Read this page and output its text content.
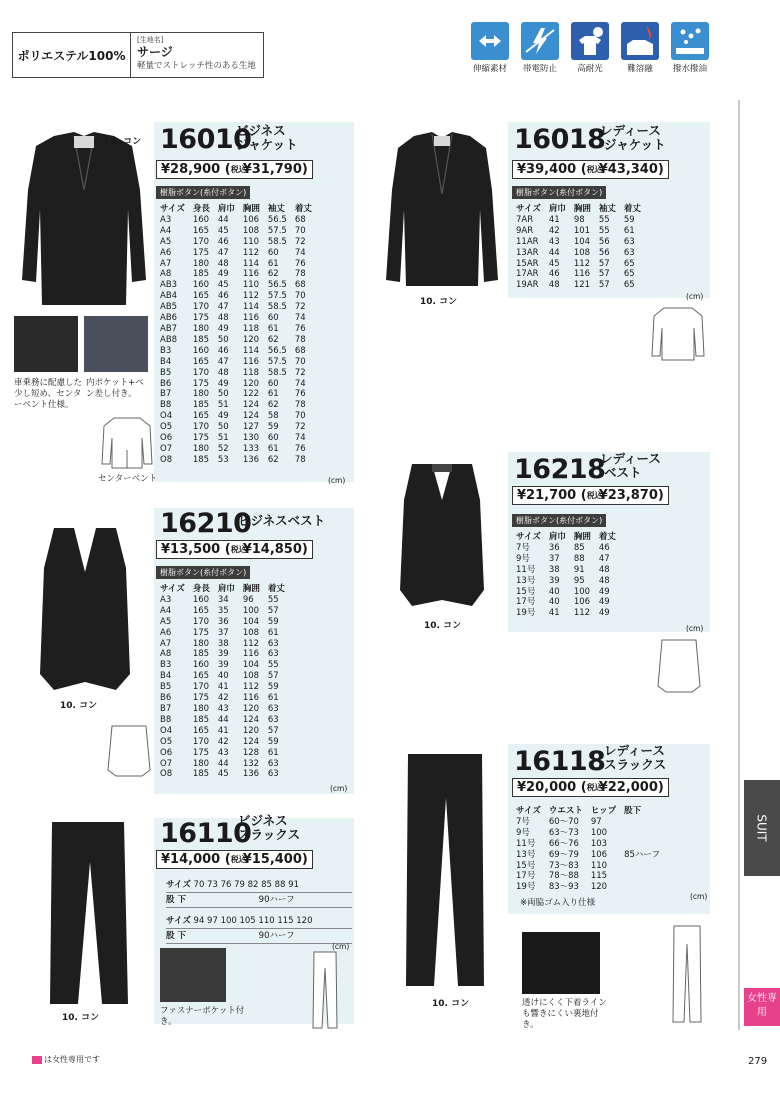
ポリエステル100%
[生地名]
サージ
軽量でストレッチ性のある生地	伸縮素材	帯電防止	高耐光	難溶融	撥水撥油
10. コン 16010
ビジネス
ジャケット
¥28,900 (税込¥31,790)
樹脂ボタン(糸付ボタン)
サイズ	身長	肩巾	胸囲	袖丈	着丈
A3	160	44	106	56.5	68
A4	165	45	108	57.5	70
A5	170	46	110	58.5	72
A6	175	47	112	60	74
A7	180	48	114	61	76
A8	185	49	116	62	78
AB3	160	45	110	56.5	68
AB4	165	46	112	57.5	70
AB5	170	47	114	58.5	72
AB6	175	48	116	60	74
AB7	180	49	118	61	76
AB8	185	50	120	62	78
B3	160	46	114	56.5	68
B4	165	47	116	57.5	70
B5	170	48	118	58.5	72
B6	175	49	120	60	74
B7	180	50	122	61	76
B8	185	51	124	62	78
O4	165	49	124	58	70
O5	170	50	127	59	72
O6	175	51	130	60	74
O7	180	52	133	61	76
O8	185	53	136	62	78
(cm)
車乗務に配慮した少し短め、センターベント仕様。
内ポケット+ペン差し付き。
センターベント
10. コン
16018
レディース
ジャケット
¥39,400 (税込¥43,340)
樹脂ボタン(糸付ボタン)
サイズ	肩巾	胸囲	袖丈	着丈
7AR	41	98	55	59
9AR	42	101	55	61
11AR	43	104	56	63
13AR	44	108	56	63
15AR	45	112	57	65
17AR	46	116	57	65
19AR	48	121	57	65
(cm)
10. コン
16218
レディース
ベスト
¥21,700 (税込¥23,870)
樹脂ボタン(糸付ボタン)
サイズ	肩巾	胸囲	着丈
7号	36	85	46
9号	37	88	47
11号	38	91	48
13号	39	95	48
15号	40	100	49
17号	40	106	49
19号	41	112	49
(cm)
10. コン
16210
ビジネスベスト
¥13,500 (税込¥14,850)
樹脂ボタン(糸付ボタン)
サイズ	身長	肩巾	胸囲	着丈
A3	160	34	96	55
A4	165	35	100	57
A5	170	36	104	59
A6	175	37	108	61
A7	180	38	112	63
A8	185	39	116	63
B3	160	39	104	55
B4	165	40	108	57
B5	170	41	112	59
B6	175	42	116	61
B7	180	43	120	63
B8	185	44	124	63
O4	165	41	120	57
O5	170	42	124	59
O6	175	43	128	61
O7	180	44	132	63
O8	185	45	136	63
(cm)
10. コン
16110
ビジネス
スラックス
¥14,000 (税込¥15,400)
サイズ 70 73 76 79 82 85 88 91
股 下	90ハーフ
サイズ 94 97 100 105 110 115 120
股 下	90ハーフ
(cm)
ファスナーポケット付き。
10. コン
16118
レディース
スラックス
¥20,000 (税込¥22,000)
サイズ	ウエスト	ヒップ	股下
7号	60〜70	97	
9号	63〜73	100	
11号	66〜76	103	
13号	69〜79	106	85ハーフ
15号	73〜83	110	
17号	78〜88	115	
19号	83〜93	120	
(cm)
※両脇ゴム入り仕様
透けにくく下着ラインも響きにくい裏地付き。
SUIT
女性専用
は女性専用です	279
